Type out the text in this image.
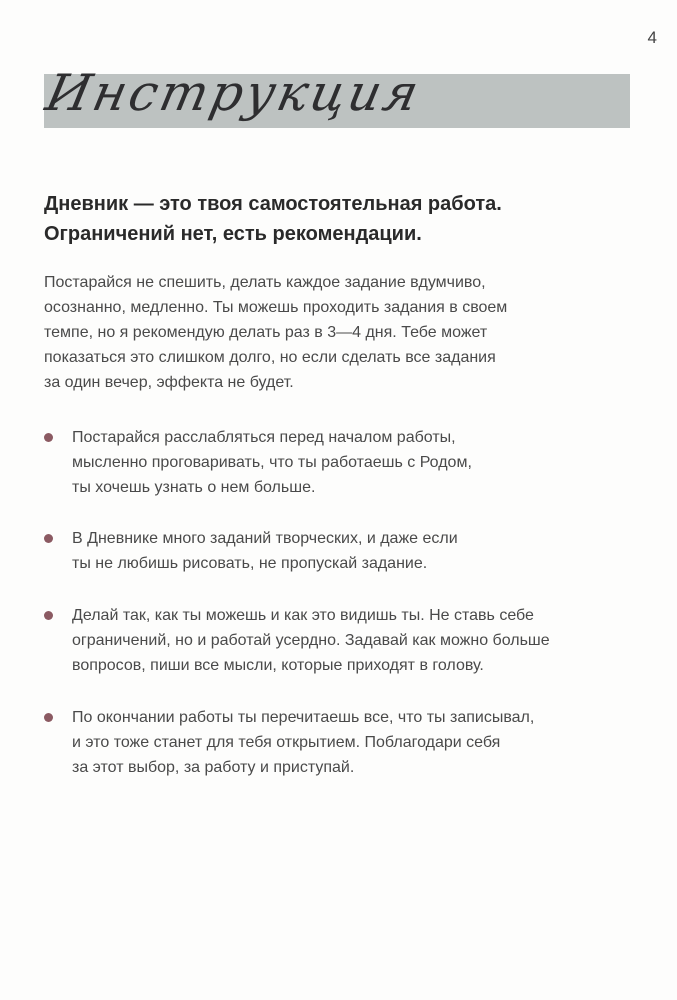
4
Инструкция
Дневник — это твоя самостоятельная работа.
Ограничений нет, есть рекомендации.
Постарайся не спешить, делать каждое задание вдумчиво,
осознанно, медленно. Ты можешь проходить задания в своем
темпе, но я рекомендую делать раз в 3—4 дня. Тебе может
показаться это слишком долго, но если сделать все задания
за один вечер, эффекта не будет.
Постарайся расслабляться перед началом работы,
мысленно проговаривать, что ты работаешь с Родом,
ты хочешь узнать о нем больше.
В Дневнике много заданий творческих, и даже если
ты не любишь рисовать, не пропускай задание.
Делай так, как ты можешь и как это видишь ты. Не ставь себе
ограничений, но и работай усердно. Задавай как можно больше
вопросов, пиши все мысли, которые приходят в голову.
По окончании работы ты перечитаешь все, что ты записывал,
и это тоже станет для тебя открытием. Поблагодари себя
за этот выбор, за работу и приступай.
